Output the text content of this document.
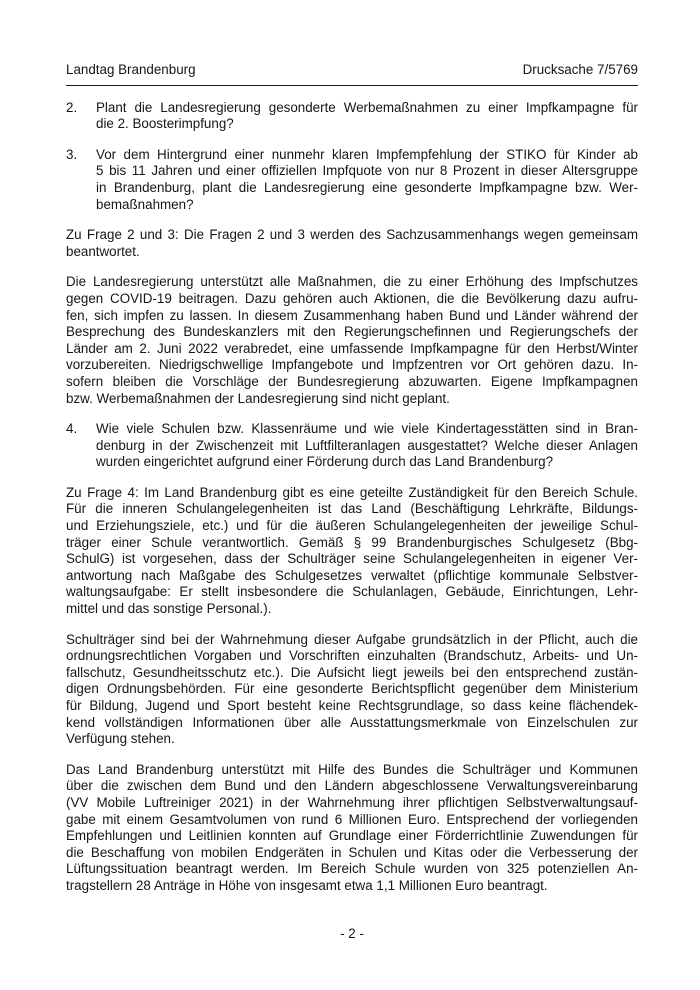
Landtag Brandenburg	Drucksache 7/5769
2. Plant die Landesregierung gesonderte Werbemaßnahmen zu einer Impfkampagne für
die 2. Boosterimpfung?
3. Vor dem Hintergrund einer nunmehr klaren Impfempfehlung der STIKO für Kinder ab
5 bis 11 Jahren und einer offiziellen Impfquote von nur 8 Prozent in dieser Altersgruppe
in Brandenburg, plant die Landesregierung eine gesonderte Impfkampagne bzw. Wer-
bemaßnahmen?
Zu Frage 2 und 3: Die Fragen 2 und 3 werden des Sachzusammenhangs wegen gemeinsam
beantwortet.
Die Landesregierung unterstützt alle Maßnahmen, die zu einer Erhöhung des Impfschutzes
gegen COVID-19 beitragen. Dazu gehören auch Aktionen, die die Bevölkerung dazu aufru-
fen, sich impfen zu lassen. In diesem Zusammenhang haben Bund und Länder während der
Besprechung des Bundeskanzlers mit den Regierungschefinnen und Regierungschefs der
Länder am 2. Juni 2022 verabredet, eine umfassende Impfkampagne für den Herbst/Winter
vorzubereiten. Niedrigschwellige Impfangebote und Impfzentren vor Ort gehören dazu. In-
sofern bleiben die Vorschläge der Bundesregierung abzuwarten. Eigene Impfkampagnen
bzw. Werbemaßnahmen der Landesregierung sind nicht geplant.
4. Wie viele Schulen bzw. Klassenräume und wie viele Kindertagesstätten sind in Bran-
denburg in der Zwischenzeit mit Luftfilteranlagen ausgestattet? Welche dieser Anlagen
wurden eingerichtet aufgrund einer Förderung durch das Land Brandenburg?
Zu Frage 4: Im Land Brandenburg gibt es eine geteilte Zuständigkeit für den Bereich Schule.
Für die inneren Schulangelegenheiten ist das Land (Beschäftigung Lehrkräfte, Bildungs-
und Erziehungsziele, etc.) und für die äußeren Schulangelegenheiten der jeweilige Schul-
träger einer Schule verantwortlich. Gemäß § 99 Brandenburgisches Schulgesetz (Bbg-
SchulG) ist vorgesehen, dass der Schulträger seine Schulangelegenheiten in eigener Ver-
antwortung nach Maßgabe des Schulgesetzes verwaltet (pflichtige kommunale Selbstver-
waltungsaufgabe: Er stellt insbesondere die Schulanlagen, Gebäude, Einrichtungen, Lehr-
mittel und das sonstige Personal.).
Schulträger sind bei der Wahrnehmung dieser Aufgabe grundsätzlich in der Pflicht, auch die
ordnungsrechtlichen Vorgaben und Vorschriften einzuhalten (Brandschutz, Arbeits- und Un-
fallschutz, Gesundheitsschutz etc.). Die Aufsicht liegt jeweils bei den entsprechend zustän-
digen Ordnungsbehörden. Für eine gesonderte Berichtspflicht gegenüber dem Ministerium
für Bildung, Jugend und Sport besteht keine Rechtsgrundlage, so dass keine flächendek-
kend vollständigen Informationen über alle Ausstattungsmerkmale von Einzelschulen zur
Verfügung stehen.
Das Land Brandenburg unterstützt mit Hilfe des Bundes die Schulträger und Kommunen
über die zwischen dem Bund und den Ländern abgeschlossene Verwaltungsvereinbarung
(VV Mobile Luftreiniger 2021) in der Wahrnehmung ihrer pflichtigen Selbstverwaltungsauf-
gabe mit einem Gesamtvolumen von rund 6 Millionen Euro. Entsprechend der vorliegenden
Empfehlungen und Leitlinien konnten auf Grundlage einer Förderrichtlinie Zuwendungen für
die Beschaffung von mobilen Endgeräten in Schulen und Kitas oder die Verbesserung der
Lüftungssituation beantragt werden. Im Bereich Schule wurden von 325 potenziellen An-
tragstellern 28 Anträge in Höhe von insgesamt etwa 1,1 Millionen Euro beantragt.
- 2 -
